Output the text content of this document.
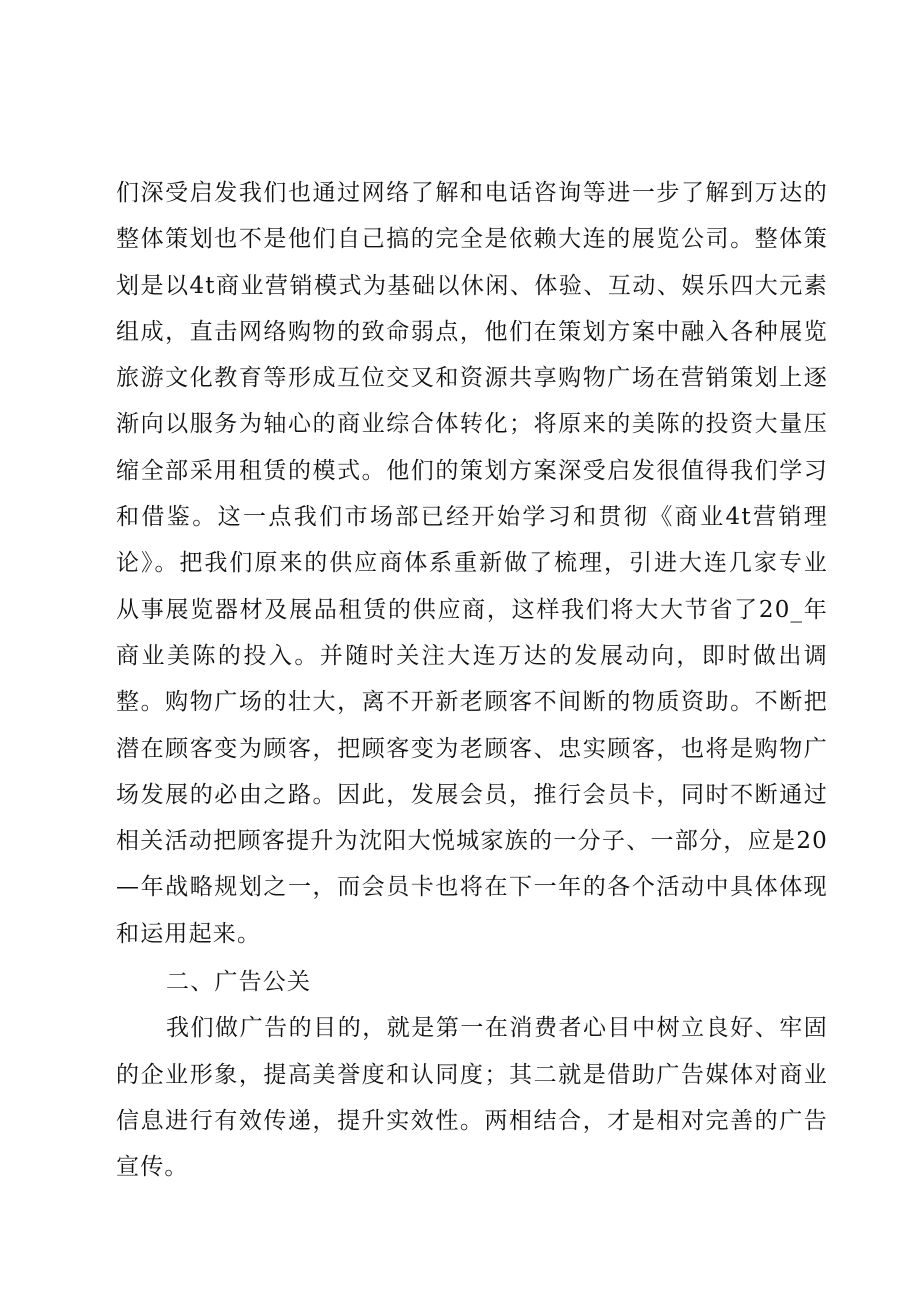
们深受启发我们也通过网络了解和电话咨询等进一步了解到万达的整体策划也不是他们自己搞的完全是依赖大连的展览公司。整体策划是以4t商业营销模式为基础以休闲、体验、互动、娱乐四大元素组成，直击网络购物的致命弱点，他们在策划方案中融入各种展览旅游文化教育等形成互位交叉和资源共享购物广场在营销策划上逐渐向以服务为轴心的商业综合体转化；将原来的美陈的投资大量压缩全部采用租赁的模式。他们的策划方案深受启发很值得我们学习和借鉴。这一点我们市场部已经开始学习和贯彻《商业4t营销理论》。把我们原来的供应商体系重新做了梳理，引进大连几家专业从事展览器材及展品租赁的供应商，这样我们将大大节省了20_年商业美陈的投入。并随时关注大连万达的发展动向，即时做出调整。购物广场的壮大，离不开新老顾客不间断的物质资助。不断把潜在顾客变为顾客，把顾客变为老顾客、忠实顾客，也将是购物广场发展的必由之路。因此，发展会员，推行会员卡，同时不断通过相关活动把顾客提升为沈阳大悦城家族的一分子、一部分，应是20—年战略规划之一，而会员卡也将在下一年的各个活动中具体体现和运用起来。

二、广告公关

我们做广告的目的，就是第一在消费者心目中树立良好、牢固的企业形象，提高美誉度和认同度；其二就是借助广告媒体对商业信息进行有效传递，提升实效性。两相结合，才是相对完善的广告宣传。
